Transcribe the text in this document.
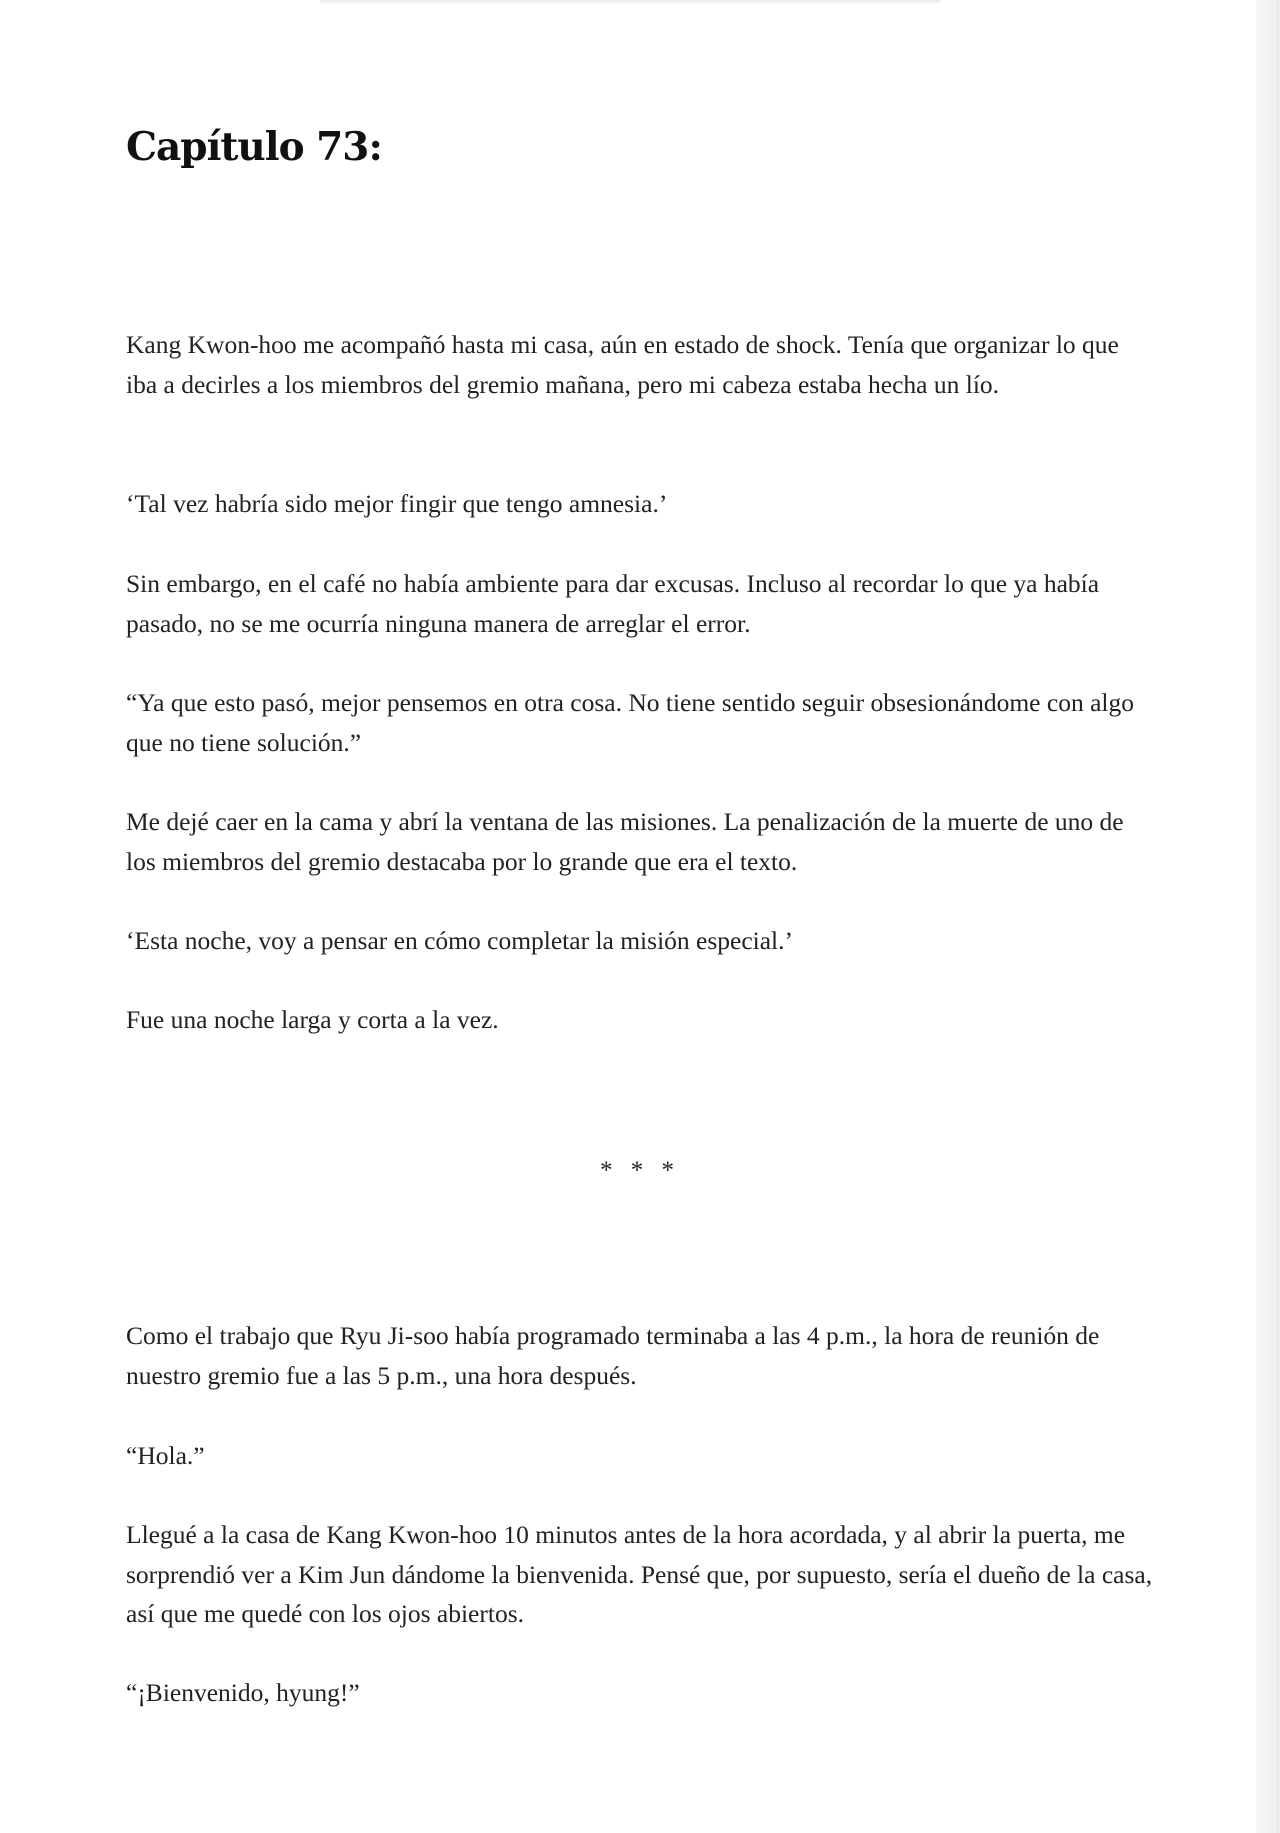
Capítulo 73:

Kang Kwon-hoo me acompañó hasta mi casa, aún en estado de shock. Tenía que organizar lo que iba a decirles a los miembros del gremio mañana, pero mi cabeza estaba hecha un lío.

‘Tal vez habría sido mejor fingir que tengo amnesia.’

Sin embargo, en el café no había ambiente para dar excusas. Incluso al recordar lo que ya había pasado, no se me ocurría ninguna manera de arreglar el error.

“Ya que esto pasó, mejor pensemos en otra cosa. No tiene sentido seguir obsesionándome con algo que no tiene solución.”

Me dejé caer en la cama y abrí la ventana de las misiones. La penalización de la muerte de uno de los miembros del gremio destacaba por lo grande que era el texto.

‘Esta noche, voy a pensar en cómo completar la misión especial.’

Fue una noche larga y corta a la vez.

* * *

Como el trabajo que Ryu Ji-soo había programado terminaba a las 4 p.m., la hora de reunión de nuestro gremio fue a las 5 p.m., una hora después.

“Hola.”

Llegué a la casa de Kang Kwon-hoo 10 minutos antes de la hora acordada, y al abrir la puerta, me sorprendió ver a Kim Jun dándome la bienvenida. Pensé que, por supuesto, sería el dueño de la casa, así que me quedé con los ojos abiertos.

“¡Bienvenido, hyung!”
